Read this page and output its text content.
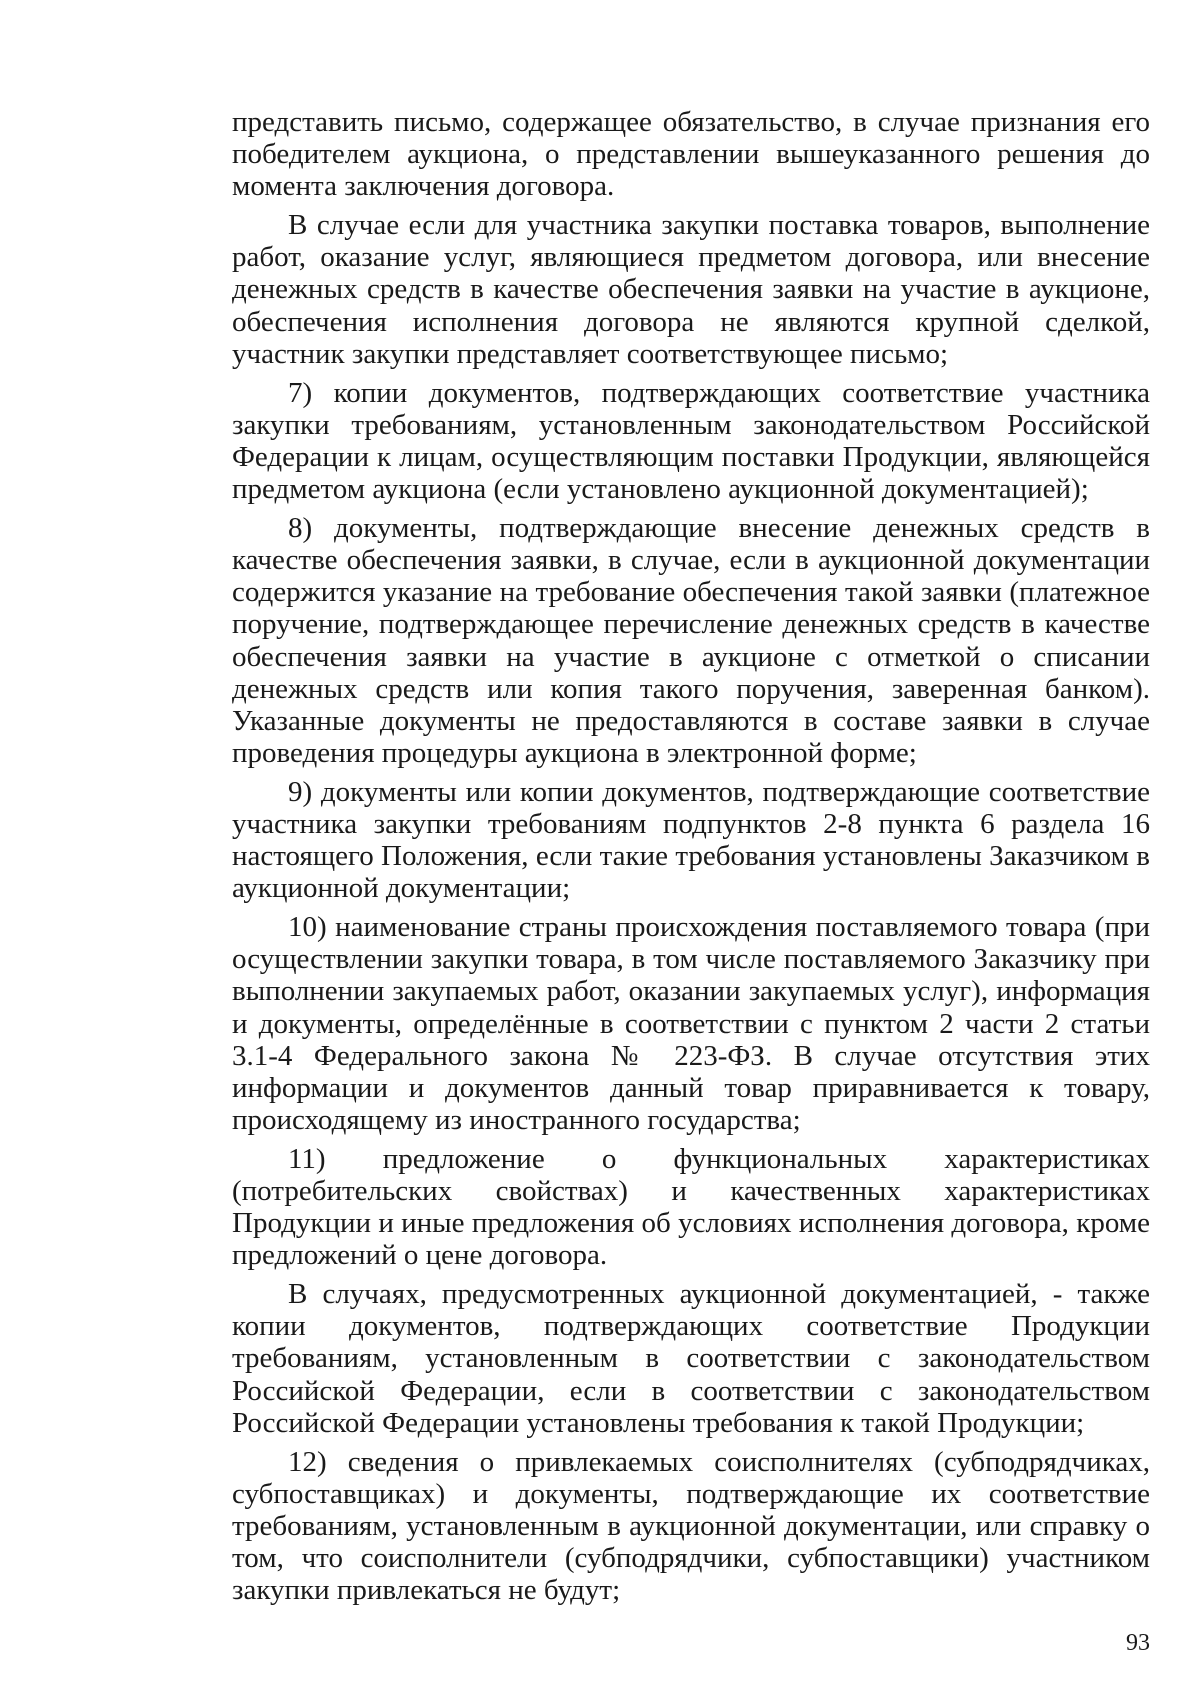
представить письмо, содержащее обязательство, в случае признания его победителем аукциона, о представлении вышеуказанного решения до момента заключения договора.

В случае если для участника закупки поставка товаров, выполнение работ, оказание услуг, являющиеся предметом договора, или внесение денежных средств в качестве обеспечения заявки на участие в аукционе, обеспечения исполнения договора не являются крупной сделкой, участник закупки представляет соответствующее письмо;

7) копии документов, подтверждающих соответствие участника закупки требованиям, установленным законодательством Российской Федерации к лицам, осуществляющим поставки Продукции, являющейся предметом аукциона (если установлено аукционной документацией);

8) документы, подтверждающие внесение денежных средств в качестве обеспечения заявки, в случае, если в аукционной документации содержится указание на требование обеспечения такой заявки (платежное поручение, подтверждающее перечисление денежных средств в качестве обеспечения заявки на участие в аукционе с отметкой о списании денежных средств или копия такого поручения, заверенная банком). Указанные документы не предоставляются в составе заявки в случае проведения процедуры аукциона в электронной форме;

9) документы или копии документов, подтверждающие соответствие участника закупки требованиям подпунктов 2-8 пункта 6 раздела 16 настоящего Положения, если такие требования установлены Заказчиком в аукционной документации;

10) наименование страны происхождения поставляемого товара (при осуществлении закупки товара, в том числе поставляемого Заказчику при выполнении закупаемых работ, оказании закупаемых услуг), информация и документы, определённые в соответствии с пунктом 2 части 2 статьи 3.1-4 Федерального закона № 223-ФЗ. В случае отсутствия этих информации и документов данный товар приравнивается к товару, происходящему из иностранного государства;

11) предложение о функциональных характеристиках (потребительских свойствах) и качественных характеристиках Продукции и иные предложения об условиях исполнения договора, кроме предложений о цене договора.

В случаях, предусмотренных аукционной документацией, - также копии документов, подтверждающих соответствие Продукции требованиям, установленным в соответствии с законодательством Российской Федерации, если в соответствии с законодательством Российской Федерации установлены требования к такой Продукции;

12) сведения о привлекаемых соисполнителях (субподрядчиках, субпоставщиках) и документы, подтверждающие их соответствие требованиям, установленным в аукционной документации, или справку о том, что соисполнители (субподрядчики, субпоставщики) участником закупки привлекаться не будут;

93
